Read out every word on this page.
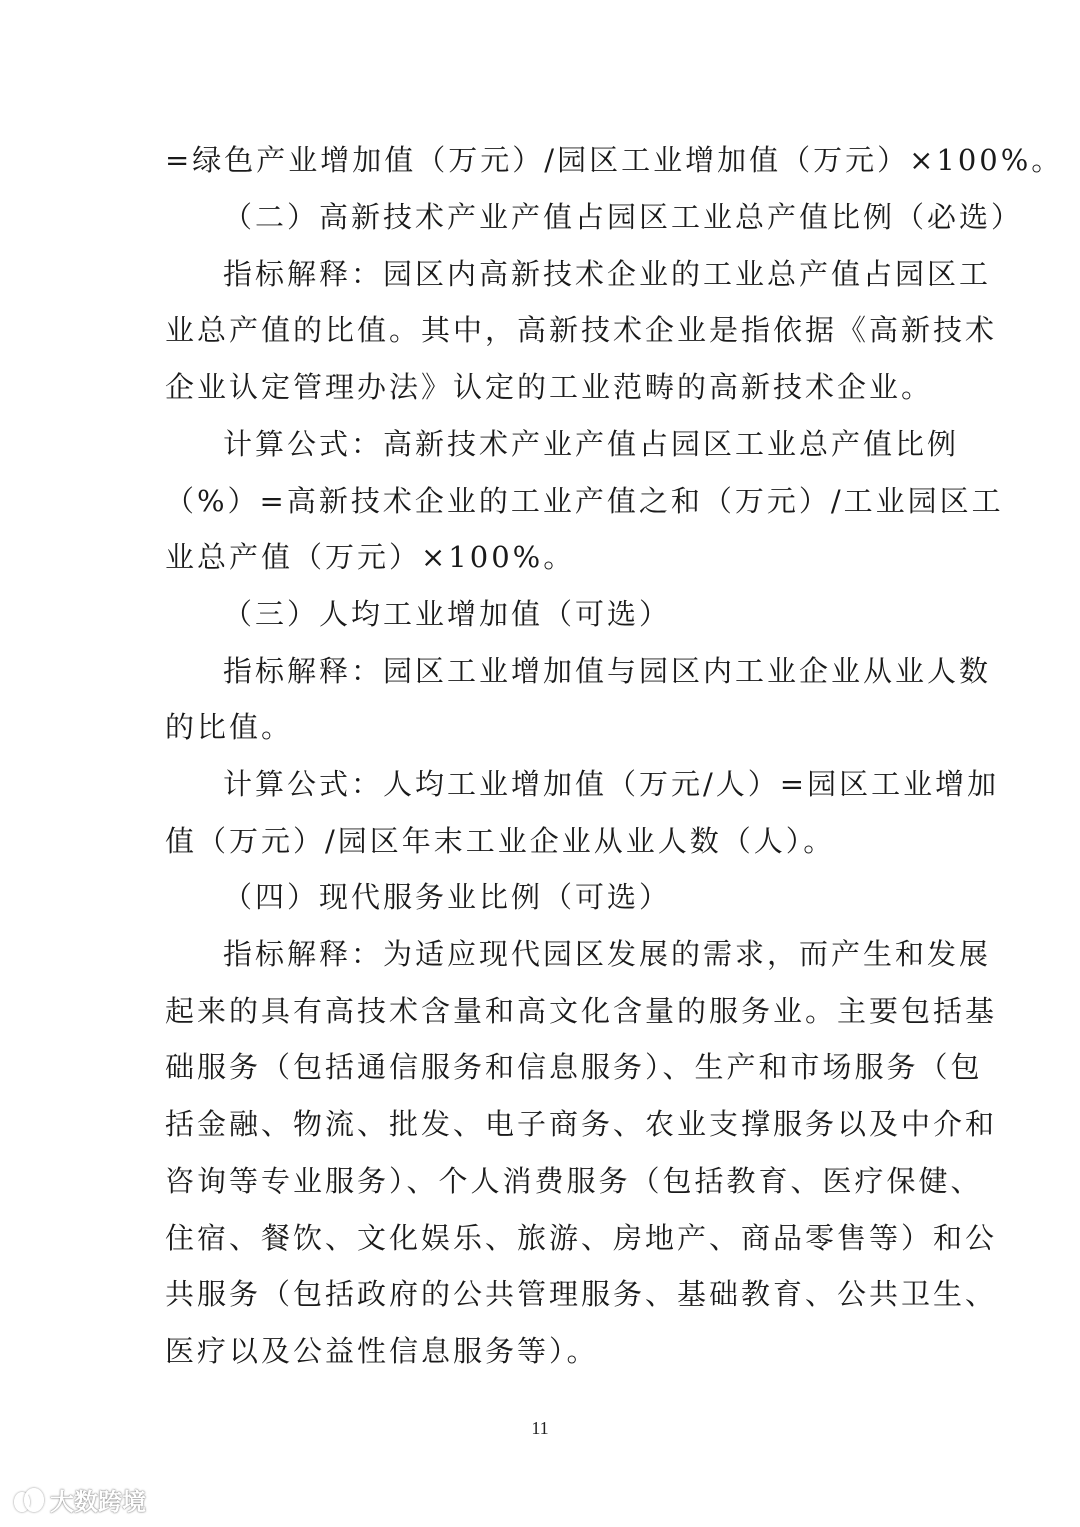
=绿色产业增加值（万元）/园区工业增加值（万元）×100%。
（二）高新技术产业产值占园区工业总产值比例（必选）
指标解释：园区内高新技术企业的工业总产值占园区工
业总产值的比值。其中，高新技术企业是指依据《高新技术
企业认定管理办法》认定的工业范畴的高新技术企业。
计算公式：高新技术产业产值占园区工业总产值比例
（%）=高新技术企业的工业产值之和（万元）/工业园区工
业总产值（万元）×100%。
（三）人均工业增加值（可选）
指标解释：园区工业增加值与园区内工业企业从业人数
的比值。
计算公式：人均工业增加值（万元/人）=园区工业增加
值（万元）/园区年末工业企业从业人数（人）。
（四）现代服务业比例（可选）
指标解释：为适应现代园区发展的需求，而产生和发展
起来的具有高技术含量和高文化含量的服务业。主要包括基
础服务（包括通信服务和信息服务）、生产和市场服务（包
括金融、物流、批发、电子商务、农业支撑服务以及中介和
咨询等专业服务）、个人消费服务（包括教育、医疗保健、
住宿、餐饮、文化娱乐、旅游、房地产、商品零售等）和公
共服务（包括政府的公共管理服务、基础教育、公共卫生、
医疗以及公益性信息服务等）。
11
大数跨境
